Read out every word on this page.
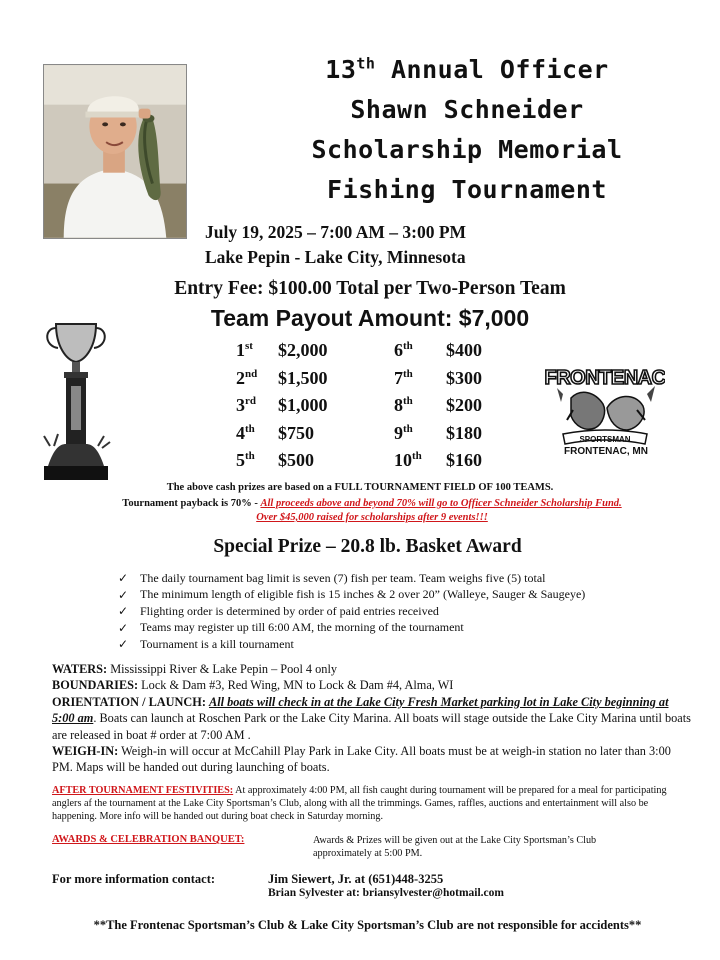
13th Annual Officer
Shawn Schneider
Scholarship Memorial
Fishing Tournament
July 19, 2025 – 7:00 AM – 3:00 PM
Lake Pepin - Lake City, Minnesota
Entry Fee: $100.00 Total per Two-Person Team
Team Payout Amount: $7,000
1st	$2,000
2nd	$1,500
3rd	$1,000
4th	$750
5th	$500
6th	$400
7th	$300
8th	$200
9th	$180
10th	$160
FRONTENAC
SPORTSMAN
FRONTENAC, MN
The above cash prizes are based on a FULL TOURNAMENT FIELD OF 100 TEAMS.
Tournament payback is 70% - All proceeds above and beyond 70% will go to Officer Schneider Scholarship Fund.
Over $45,000 raised for scholarships after 9 events!!!
Special Prize – 20.8 lb. Basket Award
✓ The daily tournament bag limit is seven (7) fish per team. Team weighs five (5) total
✓ The minimum length of eligible fish is 15 inches & 2 over 20” (Walleye, Sauger & Saugeye)
✓ Flighting order is determined by order of paid entries received
✓ Teams may register up till 6:00 AM, the morning of the tournament
✓ Tournament is a kill tournament
WATERS: Mississippi River & Lake Pepin – Pool 4 only
BOUNDARIES: Lock & Dam #3, Red Wing, MN to Lock & Dam #4, Alma, WI
ORIENTATION / LAUNCH: All boats will check in at the Lake City Fresh Market parking lot in Lake City beginning at 5:00 am. Boats can launch at Roschen Park or the Lake City Marina. All boats will stage outside the Lake City Marina until boats are released in boat # order at 7:00 AM .
WEIGH-IN: Weigh-in will occur at McCahill Play Park in Lake City. All boats must be at weigh-in station no later than 3:00 PM. Maps will be handed out during launching of boats.
AFTER TOURNAMENT FESTIVITIES: At approximately 4:00 PM, all fish caught during tournament will be prepared for a meal for participating anglers af the tournament at the Lake City Sportsman’s Club, along with all the trimmings. Games, raffles, auctions and entertainment will also be happening. More info will be handed out during boat check in Saturday morning.
AWARDS & CELEBRATION BANQUET:	Awards & Prizes will be given out at the Lake City Sportsman’s Club approximately at 5:00 PM.
For more information contact:	Jim Siewert, Jr. at (651)448-3255
Brian Sylvester at: briansylvester@hotmail.com
**The Frontenac Sportsman’s Club & Lake City Sportsman’s Club are not responsible for accidents**
